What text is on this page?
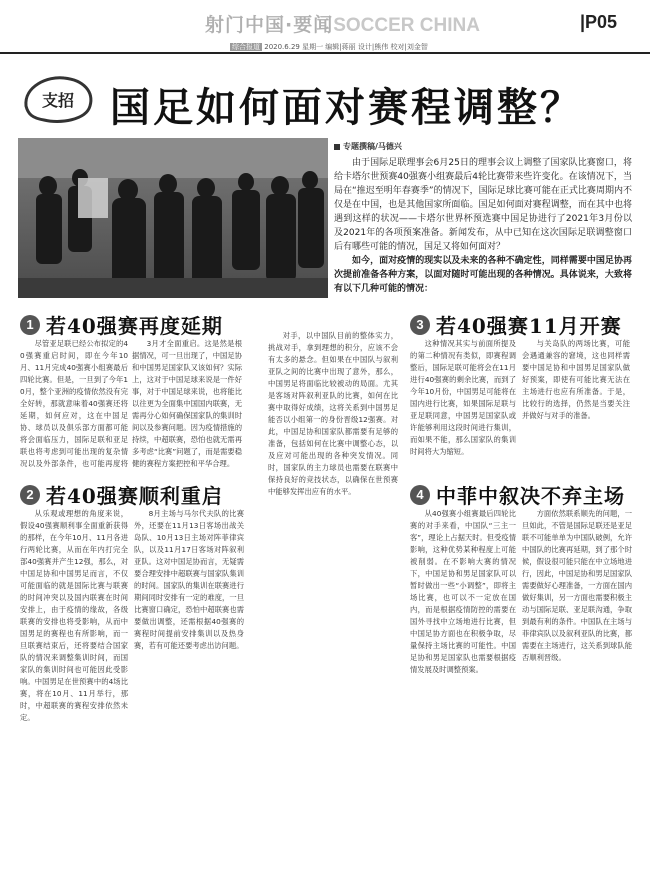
射门中国·要闻SOCCER CHINA	|P05
综合报道 2020.6.29 星期一 编辑|蒋丽 设计|熊伟 校对|刘金智
支招 国足如何面对赛程调整？
专题撰稿/马德兴

由于国际足联理事会6月25日的理事会议上调整了国家队比赛窗口，将给卡塔尔世预赛40强赛小组赛最后4轮比赛带来些许变化。在该情况下，当局在“推迟至明年春赛季”的情况下，国际足球比赛可能在正式比赛周期内不仅是在中国，也是其他国家所面临。国足如何面对赛程调整，而在其中也将遇到这样的状况——卡塔尔世界杯预选赛中国足协进行了2021年3月份以及2021年的各项预案准备。新闻发布，从中已知在这次国际足联调整窗口后有哪些可能的情况，国足又将如何面对？

如今，面对疫情的现实以及未来的各种不确定性，同样需要中国足协再次提前准备各种方案，以面对随时可能出现的各种情况。具体说来，大致将有以下几种可能的情况：

1 若40强赛再度延期
尽管亚足联已经公布拟定的40强赛重启时间，即在今年10月、11月完成40强赛小组赛最后四轮比赛。但是，一旦到了今年10月，整个亚洲的疫情依然没有完全好转，那就意味着40强赛还将延期，如何应对，这在中国足协、球员以及俱乐部方面都可能将会面临压力，国际足联和亚足联也将考虑到可能出现的复杂情况以及外部条件，也可能再度将
3月才全面重启。这是然是根据情况，可一旦出现了，中国足协和中国男足国家队又该如何？实际上，这对于中国足球来说是一件好事，对于中国足球来说，也将能比以往更为全面集中国国内联赛，无需再分心如何确保国家队的集训时间以及参赛问题。因为疫情措施的持续，中超联赛，恐怕也就无需再多考虑“比赛”问题了，而是需要稳健的赛程方案把控和平华合理。
3 若40强赛11月开赛
这种情况其实与前面所提及的第二种情况有类似，即赛程调整后，国际足联可能将会在11月进行40强赛的剩余比赛，而到了今年10月份，中国男足可能将在国内进行比赛，如果国际足联与亚足联同意，中国男足国家队或许能够利用这段时间进行集训，而如果不能，那么国家队的集训时间将大为缩短。
与关岛队的两场比赛，可能会遇通兼容的窘境，这也同样需要中国足协和中国男足国家队做好预案，即使有可能比赛无法在主场进行也应有所准备。于是，比较行的选择，仍然是当要关注并做好与对手的准备。
2 若40强赛顺利重启
从乐观或理想的角度来说，假设40强赛顺利事全面重新获得的那样，在今年10月、11月各进行两轮比赛，从而在年内打完全部40强赛并产生12强，那么，对中国足协和中国男足而言，不仅可能面临的就是国际比赛与联赛的时间冲突以及国内联赛在时间安排上，由于疫情的缘故，各级联赛的安排也将受影响，从而中国男足的赛程也有所影响，而一旦联赛结束后，还将要结合国家队的情况来调整集训时间，而国家队的集训时间也可能因此受影响。中国男足在世预赛中的4场比赛，将在10月、11月举行，那时，中超联赛的赛程安排依然未定。
8月主场与马尔代夫队的比赛外，还要在11月13日客场出战关岛队、10月13日主场对阵菲律宾队，以及11月17日客场对阵叙利亚队。这对中国足协而言，无疑需要合理安排中超联赛与国家队集训的时间。国家队的集训在联赛进行期间同时安排有一定的难度，一旦比赛窗口确定，恐怕中超联赛也需要做出调整，还需根据40强赛的赛程时间提前安排集训以及热身赛，若有可能还要考虑出访问题。
对手，以中国队目前的整体实力，挑战对手，拿到理想的积分，应该不会有太多的悬念。但如果在中国队与叙利亚队之间的比赛中出现了意外，那么，中国男足将面临比较被动的局面。尤其是客场对阵叙利亚队的比赛，如何在比赛中取得好成绩，这将关系到中国男足能否以小组第一的身份晋级12强赛。对此，中国足协和国家队都需要有足够的准备，包括如何在比赛中调整心态，以及应对可能出现的各种突发情况。同时，国家队的主力球员也需要在联赛中保持良好的竞技状态，以确保在世预赛中能够发挥出应有的水平。	4 中菲中叙决不弃主场
从40强赛小组赛最后四轮比赛的对手来看，中国队“三主一客”，理论上占据天时。但受疫情影响，这种优势某种程度上可能被削弱。在不影响大赛的情况下，中国足协和男足国家队可以暂时做出一些“小调整”，即将主场比赛，也可以不一定放在国内，而是根据疫情防控的需要在国外寻找中立场地进行比赛，但中国足协方面也在积极争取，尽量保持主场比赛的可能性。中国足协和男足国家队也需要根据疫情发展及时调整预案。
方面依然联系顺先的问题，一旦如此，不管是国际足联还是亚足联不可能单单为中国队破例，允许中国队的比赛再延期，到了那个时候，假设很可能只能在中立场地进行，因此，中国足协和男足国家队需要做好心理准备，一方面在国内做好集训，另一方面也需要积极主动与国际足联、亚足联沟通，争取到最有利的条件。中国队在主场与菲律宾队以及叙利亚队的比赛，都需要在主场进行，这关系到球队能否顺利晋级。
